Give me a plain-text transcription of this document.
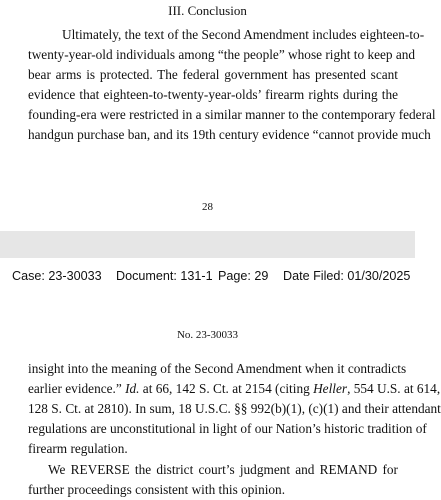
III. Conclusion

Ultimately, the text of the Second Amendment includes eighteen-to-
twenty-year-old individuals among “the people” whose right to keep and
bear arms is protected. The federal government has presented scant
evidence that eighteen-to-twenty-year-olds’ firearm rights during the
founding-era were restricted in a similar manner to the contemporary federal
handgun purchase ban, and its 19th century evidence “cannot provide much

28
Case: 23-30033 Document: 131-1 Page: 29 Date Filed: 01/30/2025
No. 23-30033

insight into the meaning of the Second Amendment when it contradicts
earlier evidence.” Id. at 66, 142 S. Ct. at 2154 (citing Heller, 554 U.S. at 614,
128 S. Ct. at 2810). In sum, 18 U.S.C. §§ 992(b)(1), (c)(1) and their attendant
regulations are unconstitutional in light of our Nation’s historic tradition of
firearm regulation.

We REVERSE the district court’s judgment and REMAND for
further proceedings consistent with this opinion.
